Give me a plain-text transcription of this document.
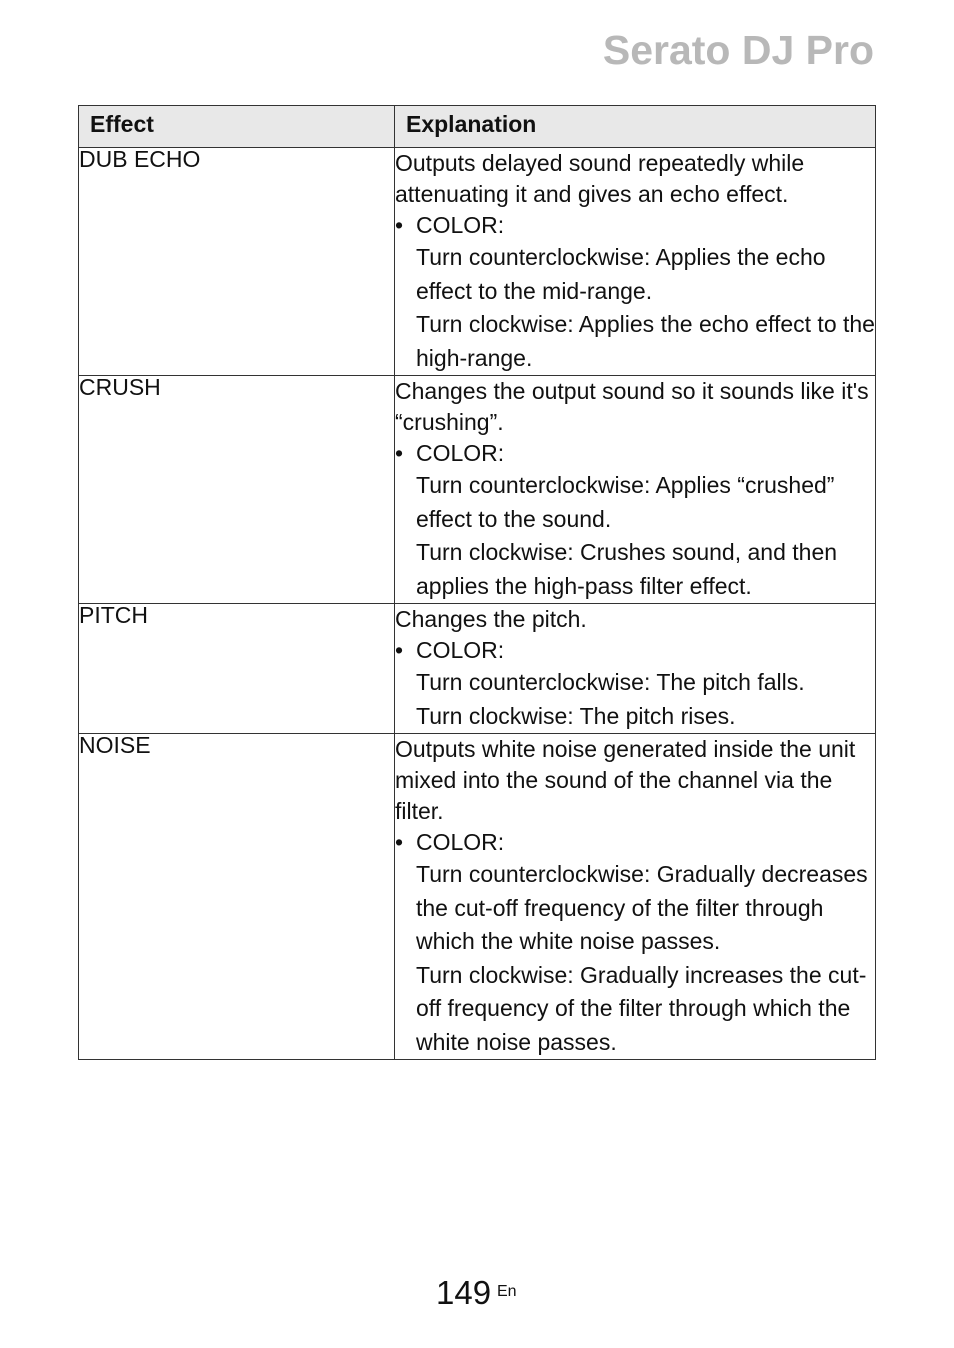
Serato DJ Pro
Effect	Explanation
DUB ECHO	Outputs delayed sound repeatedly while attenuating it and gives an echo effect.
• COLOR:
Turn counterclockwise: Applies the echo effect to the mid-range.
Turn clockwise: Applies the echo effect to the high-range.

CRUSH	Changes the output sound so it sounds like it's “crushing”.
• COLOR:
Turn counterclockwise: Applies “crushed” effect to the sound.
Turn clockwise: Crushes sound, and then applies the high-pass filter effect.

PITCH	Changes the pitch.
• COLOR:
Turn counterclockwise: The pitch falls.
Turn clockwise: The pitch rises.

NOISE	Outputs white noise generated inside the unit mixed into the sound of the channel via the filter.
• COLOR:
Turn counterclockwise: Gradually decreases the cut-off frequency of the filter through which the white noise passes.
Turn clockwise: Gradually increases the cut-off frequency of the filter through which the white noise passes.
149 En
